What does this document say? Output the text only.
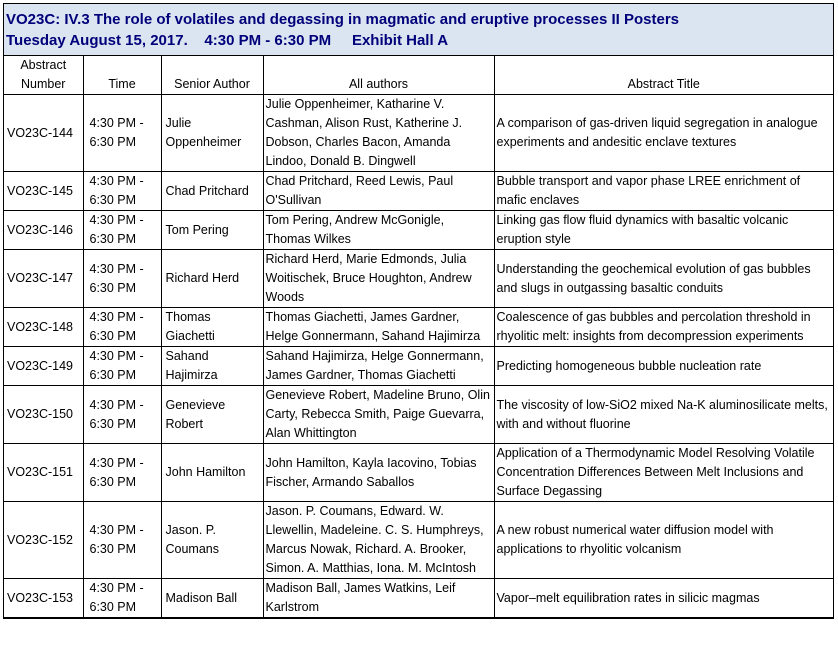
VO23C: IV.3 The role of volatiles and degassing in magmatic and eruptive processes II Posters
Tuesday August 15, 2017.    4:30 PM - 6:30 PM     Exhibit Hall A
Abstract Number	Time	Senior Author	All authors	Abstract Title
VO23C-144	4:30 PM - 6:30 PM	Julie Oppenheimer	Julie Oppenheimer, Katharine V. Cashman, Alison Rust, Katherine J. Dobson, Charles Bacon, Amanda Lindoo, Donald B. Dingwell	A comparison of gas-driven liquid segregation in analogue experiments and andesitic enclave textures
VO23C-145	4:30 PM - 6:30 PM	Chad Pritchard	Chad Pritchard, Reed Lewis, Paul O'Sullivan	Bubble transport and vapor phase LREE enrichment of mafic enclaves
VO23C-146	4:30 PM - 6:30 PM	Tom Pering	Tom Pering, Andrew McGonigle, Thomas Wilkes	Linking gas flow fluid dynamics with basaltic volcanic eruption style
VO23C-147	4:30 PM - 6:30 PM	Richard Herd	Richard Herd, Marie Edmonds, Julia Woitischek, Bruce Houghton, Andrew Woods	Understanding the geochemical evolution of gas bubbles and slugs in outgassing basaltic conduits
VO23C-148	4:30 PM - 6:30 PM	Thomas Giachetti	Thomas Giachetti, James Gardner, Helge Gonnermann, Sahand Hajimirza	Coalescence of gas bubbles and percolation threshold in rhyolitic melt: insights from decompression experiments
VO23C-149	4:30 PM - 6:30 PM	Sahand Hajimirza	Sahand Hajimirza, Helge Gonnermann, James Gardner, Thomas Giachetti	Predicting homogeneous bubble nucleation rate
VO23C-150	4:30 PM - 6:30 PM	Genevieve Robert	Genevieve Robert, Madeline Bruno, Olin Carty, Rebecca Smith, Paige Guevarra, Alan Whittington	The viscosity of low-SiO2 mixed Na-K aluminosilicate melts, with and without fluorine
VO23C-151	4:30 PM - 6:30 PM	John Hamilton	John Hamilton, Kayla Iacovino, Tobias Fischer, Armando Saballos	Application of a Thermodynamic Model Resolving Volatile Concentration Differences Between Melt Inclusions and Surface Degassing
VO23C-152	4:30 PM - 6:30 PM	Jason. P. Coumans	Jason. P. Coumans, Edward. W. Llewellin, Madeleine. C. S. Humphreys, Marcus Nowak, Richard. A. Brooker, Simon. A. Matthias, Iona. M. McIntosh	A new robust numerical water diffusion model with applications to rhyolitic volcanism
VO23C-153	4:30 PM - 6:30 PM	Madison Ball	Madison Ball, James Watkins, Leif Karlstrom	Vapor–melt equilibration rates in silicic magmas
